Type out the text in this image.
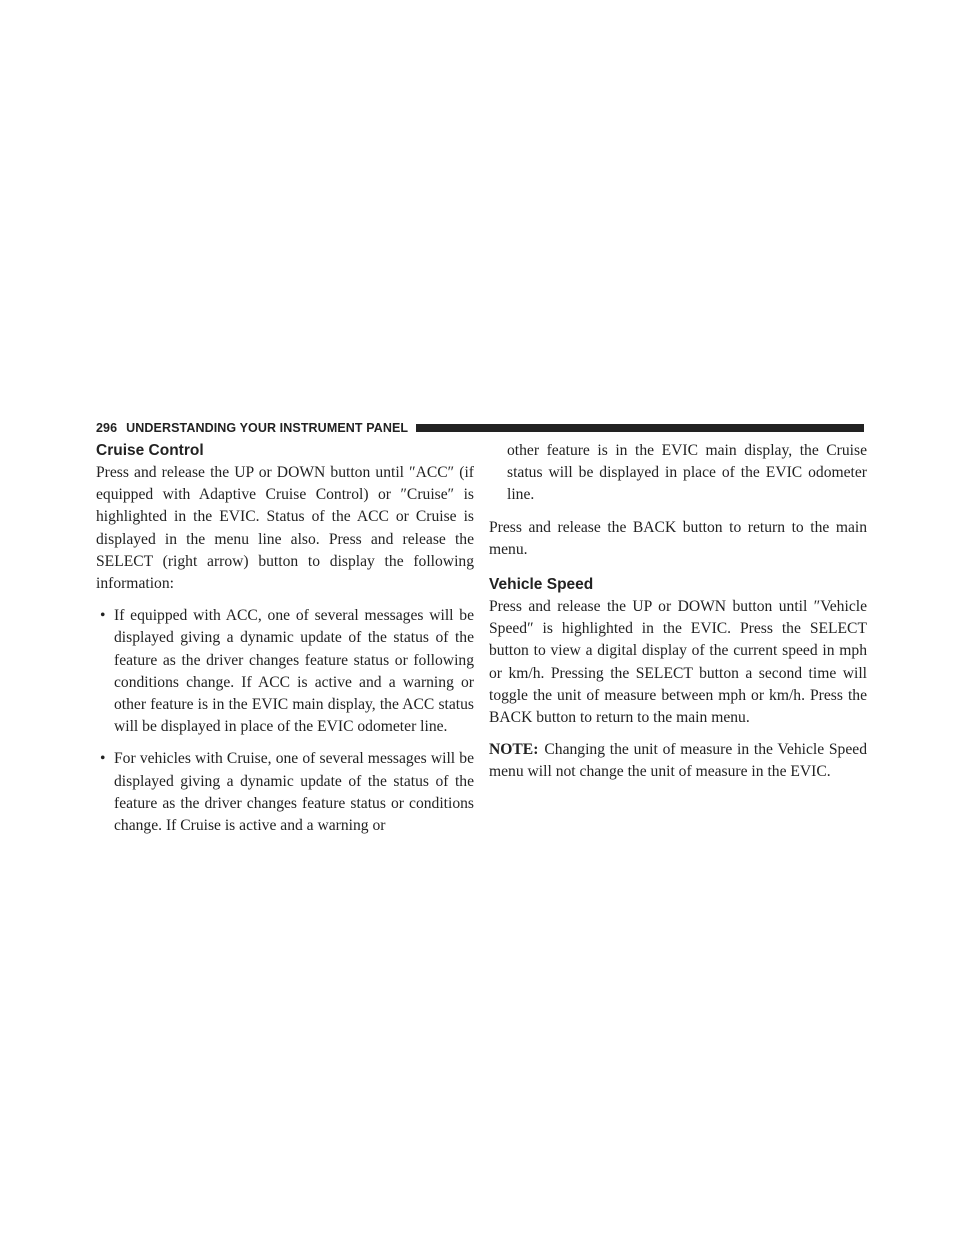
296 UNDERSTANDING YOUR INSTRUMENT PANEL
Cruise Control

Press and release the UP or DOWN button until ″ACC″ (if equipped with Adaptive Cruise Control) or ″Cruise″ is highlighted in the EVIC. Status of the ACC or Cruise is displayed in the menu line also. Press and release the SELECT (right arrow) button to display the following information:

• If equipped with ACC, one of several messages will be displayed giving a dynamic update of the status of the feature as the driver changes feature status or following conditions change. If ACC is active and a warning or other feature is in the EVIC main display, the ACC status will be displayed in place of the EVIC odometer line.
• For vehicles with Cruise, one of several messages will be displayed giving a dynamic update of the status of the feature as the driver changes feature status or conditions change. If Cruise is active and a warning or
other feature is in the EVIC main display, the Cruise status will be displayed in place of the EVIC odometer line.

Press and release the BACK button to return to the main menu.

Vehicle Speed

Press and release the UP or DOWN button until ″Vehicle Speed″ is highlighted in the EVIC. Press the SELECT button to view a digital display of the current speed in mph or km/h. Pressing the SELECT button a second time will toggle the unit of measure between mph or km/h. Press the BACK button to return to the main menu.

NOTE: Changing the unit of measure in the Vehicle Speed menu will not change the unit of measure in the EVIC.
